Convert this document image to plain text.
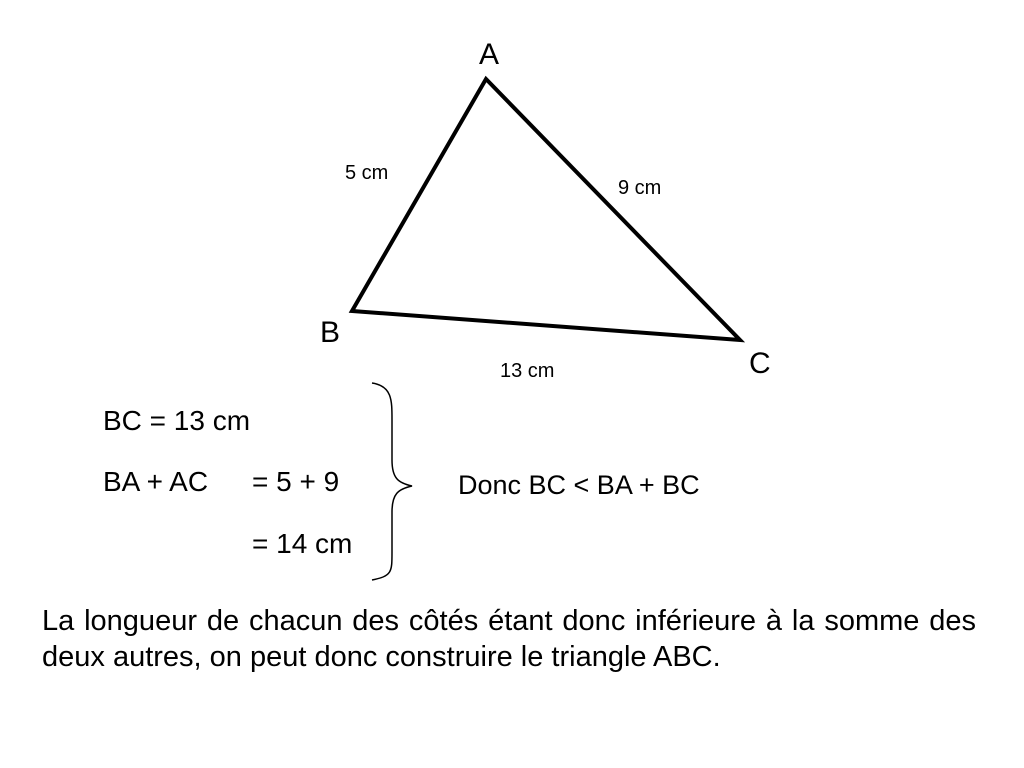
A
B
C
5 cm
9 cm
13 cm
BC = 13 cm
BA + AC = 5 + 9
= 14 cm
Donc BC < BA + BC

La longueur de chacun des côtés étant donc inférieure à la somme des deux autres, on peut donc construire le triangle ABC.
